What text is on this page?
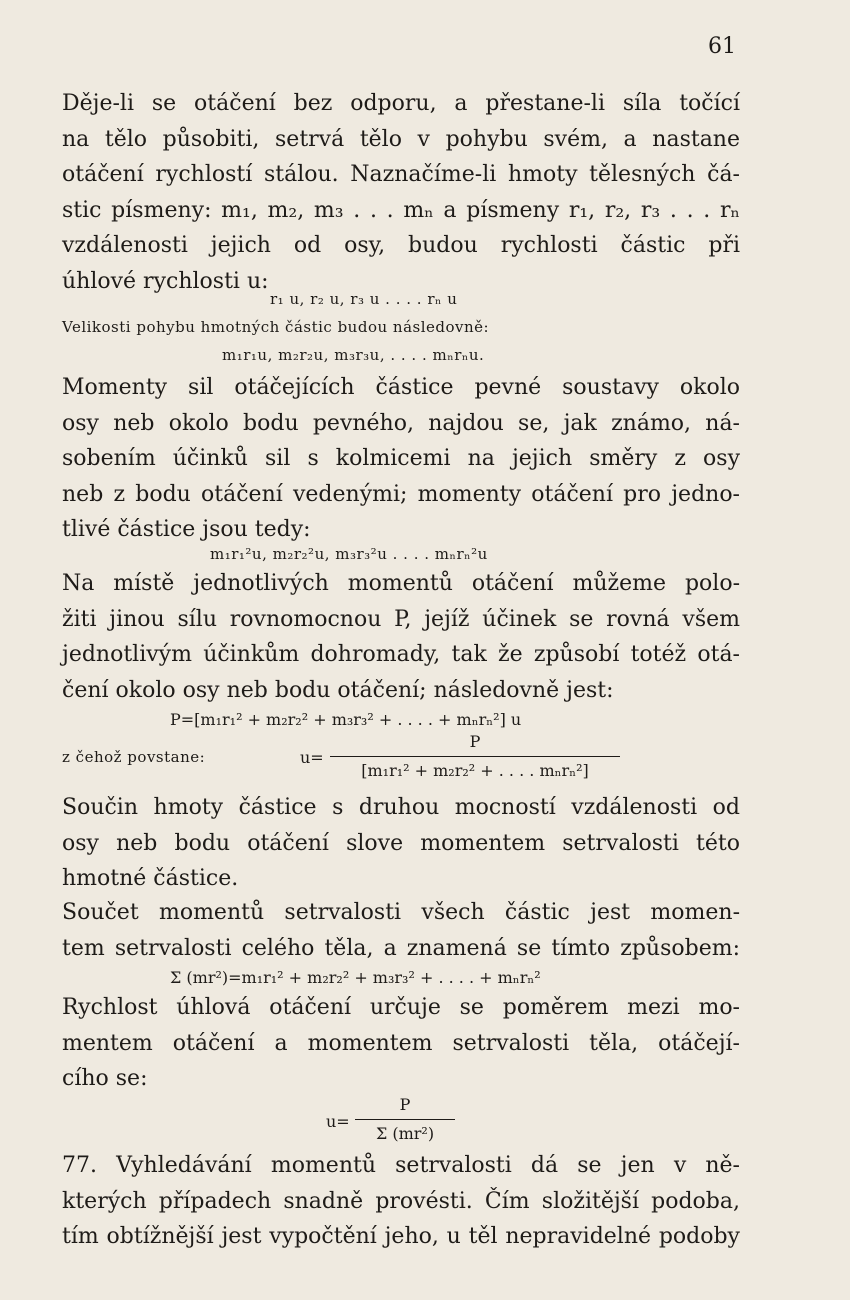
61
Děje-li se otáčení bez odporu, a přestane-li síla točící
na tělo působiti, setrvá tělo v pohybu svém, a nastane
otáčení rychlostí stálou. Naznačíme-li hmoty tělesných čá-
stic písmeny: m₁, m₂, m₃ . . . mₙ a písmeny r₁, r₂, r₃ . . . rₙ
vzdálenosti jejich od osy, budou rychlosti částic při
úhlové rychlosti u:
r₁ u, r₂ u, r₃ u . . . . rₙ u
Velikosti pohybu hmotných částic budou následovně:
m₁r₁u, m₂r₂u, m₃r₃u, . . . . mₙrₙu.
Momenty sil otáčejících částice pevné soustavy okolo
osy neb okolo bodu pevného, najdou se, jak známo, ná-
sobením účinků sil s kolmicemi na jejich směry z osy
neb z bodu otáčení vedenými; momenty otáčení pro jedno-
tlivé částice jsou tedy:
m₁r₁²u, m₂r₂²u, m₃r₃²u . . . . mₙrₙ²u
Na místě jednotlivých momentů otáčení můžeme polo-
žiti jinou sílu rovnomocnou P, jejíž účinek se rovná všem
jednotlivým účinkům dohromady, tak že způsobí totéž otá-
čení okolo osy neb bodu otáčení; následovně jest:
P=[m₁r₁² + m₂r₂² + m₃r₃² + . . . . + mₙrₙ²] u
z čehož povstane:	u=
P
[m₁r₁² + m₂r₂² + . . . . mₙrₙ²]
Součin hmoty částice s druhou mocností vzdálenosti od
osy neb bodu otáčení slove momentem setrvalosti této
hmotné částice.
Součet momentů setrvalosti všech částic jest momen-
tem setrvalosti celého těla, a znamená se tímto způsobem:
Σ (mr²)=m₁r₁² + m₂r₂² + m₃r₃² + . . . . + mₙrₙ²
Rychlost úhlová otáčení určuje se poměrem mezi mo-
mentem otáčení a momentem setrvalosti těla, otáčejí-
cího se:
u=
P
Σ (mr²)
77. Vyhledávání momentů setrvalosti dá se jen v ně-
kterých případech snadně provésti. Čím složitější podoba,
tím obtížnější jest vypočtění jeho, u těl nepravidelné podoby
